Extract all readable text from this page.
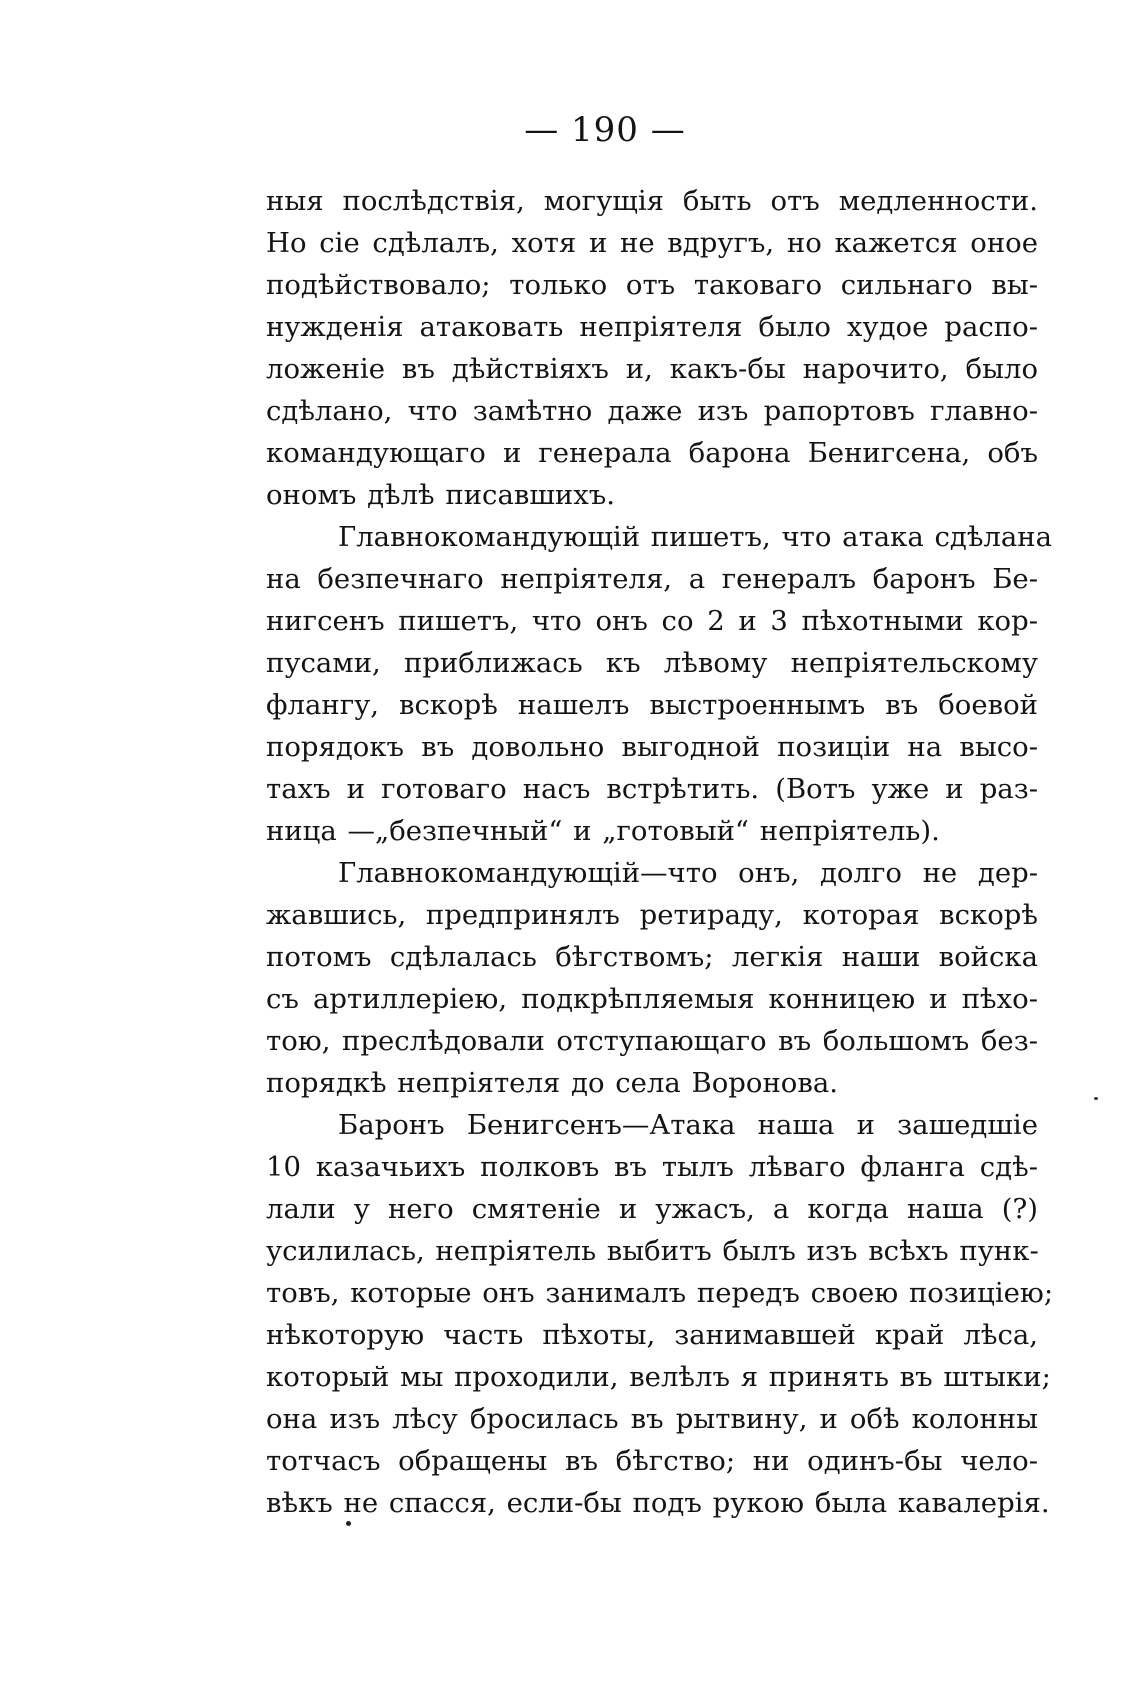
— 190 —
ныя послѣдствія, могущія быть отъ медленности.
Но сіе сдѣлалъ, хотя и не вдругъ, но кажется оное
подѣйствовало; только отъ таковаго сильнаго вы-
нужденія атаковать непріятеля было худое распо-
ложеніе въ дѣйствіяхъ и, какъ-бы нарочито, было
сдѣлано, что замѣтно даже изъ рапортовъ главно-
командующаго и генерала барона Бенигсена, объ
ономъ дѣлѣ писавшихъ.
Главнокомандующій пишетъ, что атака сдѣлана
на безпечнаго непріятеля, а генералъ баронъ Бе-
нигсенъ пишетъ, что онъ со 2 и 3 пѣхотными кор-
пусами, приближась къ лѣвому непріятельскому
флангу, вскорѣ нашелъ выстроеннымъ въ боевой
порядокъ въ довольно выгодной позиціи на высо-
тахъ и готоваго насъ встрѣтить. (Вотъ уже и раз-
ница —„безпечный“ и „готовый“ непріятель).
Главнокомандующій—что онъ, долго не дер-
жавшись, предпринялъ ретираду, которая вскорѣ
потомъ сдѣлалась бѣгствомъ; легкія наши войска
съ артиллеріею, подкрѣпляемыя конницею и пѣхо-
тою, преслѣдовали отступающаго въ большомъ без-
порядкѣ непріятеля до села Воронова.
Баронъ Бенигсенъ—Атака наша и зашедшіе
10 казачьихъ полковъ въ тылъ лѣваго фланга сдѣ-
лали у него смятеніе и ужасъ, а когда наша (?)
усилилась, непріятель выбитъ былъ изъ всѣхъ пунк-
товъ, которые онъ занималъ передъ своею позиціею;
нѣкоторую часть пѣхоты, занимавшей край лѣса,
который мы проходили, велѣлъ я принять въ штыки;
она изъ лѣсу бросилась въ рытвину, и обѣ колонны
тотчасъ обращены въ бѣгство; ни одинъ-бы чело-
вѣкъ не спасся, если-бы подъ рукою была кавалерія.
